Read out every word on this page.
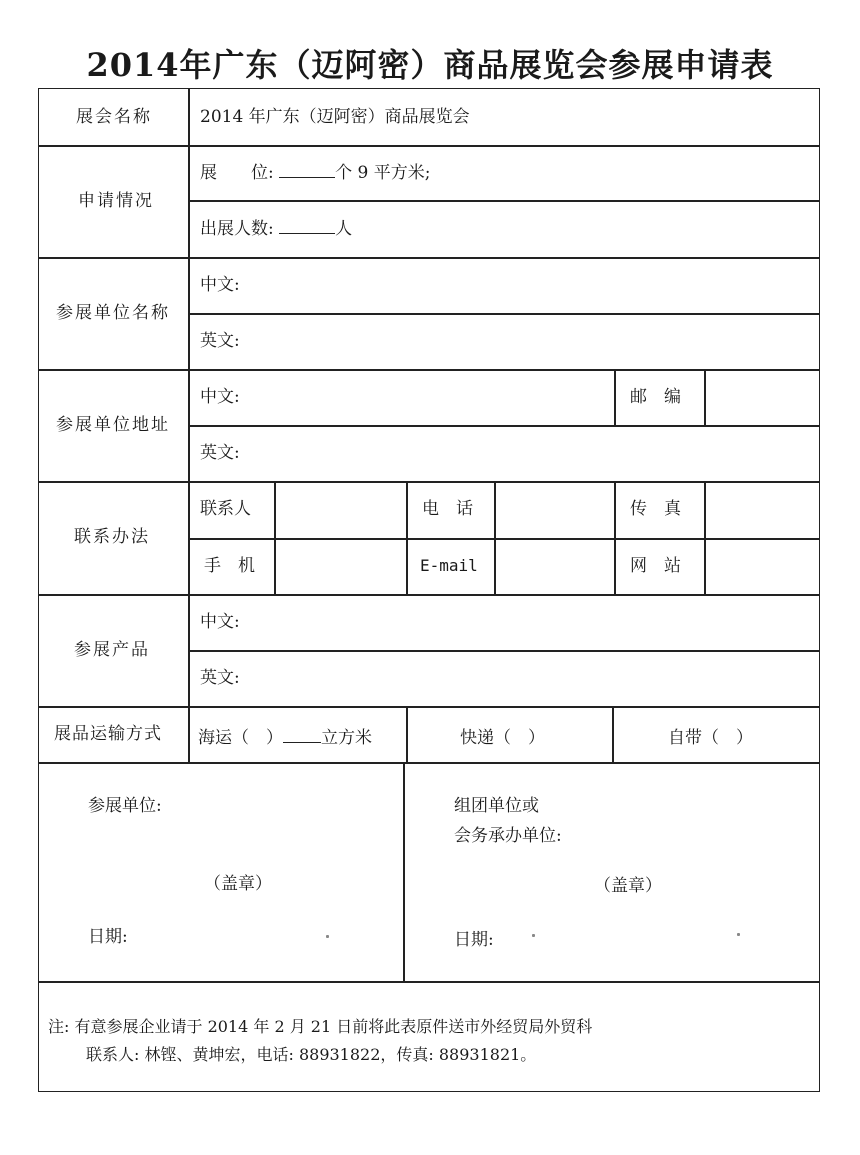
2014年广东（迈阿密）商品展览会参展申请表
展会名称	2014 年广东（迈阿密）商品展览会
申请情况
展　　位:	个 9 平方米;
出展人数:	人
参展单位名称
中文:
英文:
参展单位地址
中文:	邮　编
英文:
联系办法
联系人	电　话	传　真
手　机	E-mail	网　站
参展产品
中文:
英文:
展品运输方式 海运（　） 立方米	快递（　）	自带（　）
参展单位:
（盖章）
日期:
组团单位或
会务承办单位:
（盖章）
日期:
注: 有意参展企业请于 2014 年 2 月 21 日前将此表原件送市外经贸局外贸科
联系人: 林铿、黄坤宏，电话: 88931822，传真: 88931821。
